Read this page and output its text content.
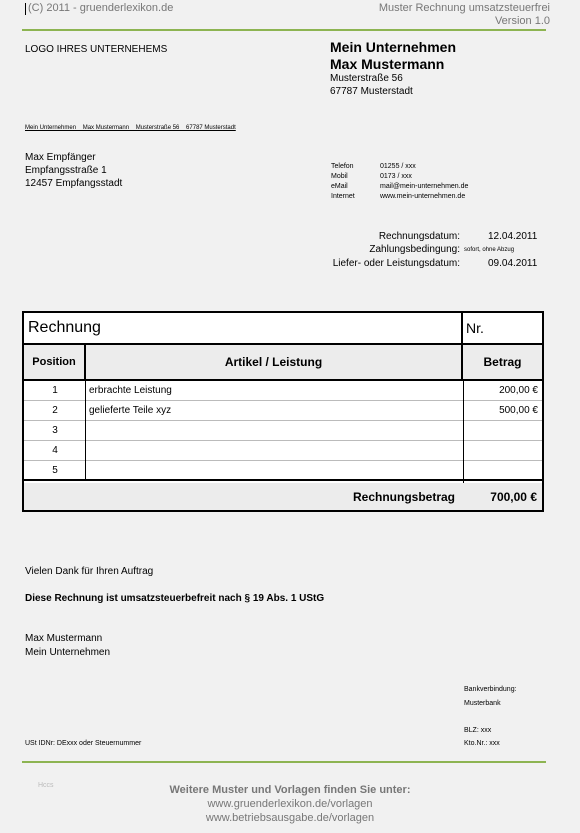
(C) 2011 - gruenderlexikon.de	Muster Rechnung umsatzsteuerfrei
Version 1.0
LOGO IHRES UNTERNEHEMS	Mein Unternehmen
Max Mustermann
Musterstraße 56
67787 Musterstadt
Mein Unternehmen    Max Mustermann    Musterstraße 56    67787 Musterstadt
Max Empfänger
Empfangsstraße 1
12457 Empfangsstadt
Telefon	01255 / xxx
Mobil	0173 / xxx
eMail	mail@mein-unternehmen.de
Internet	www.mein-unternehmen.de
Rechnungsdatum:	12.04.2011
Zahlungsbedingung: sofort, ohne Abzug
Liefer- oder Leistungsdatum:	09.04.2011
Rechnung	Nr.
Position	Artikel / Leistung	Betrag
1	erbrachte Leistung	200,00 €
2	gelieferte Teile xyz	500,00 €
3
4
5
Rechnungsbetrag	700,00 €
Vielen Dank für Ihren Auftrag
Diese Rechnung ist umsatzsteuerbefreit nach § 19 Abs. 1 UStG
Max Mustermann
Mein Unternehmen
Bankverbindung:
Musterbank
BLZ: xxx
Kto.Nr.: xxx
USt IDNr: DExxx oder Steuernummer
Hccs	Weitere Muster und Vorlagen finden Sie unter:
www.gruenderlexikon.de/vorlagen
www.betriebsausgabe.de/vorlagen
